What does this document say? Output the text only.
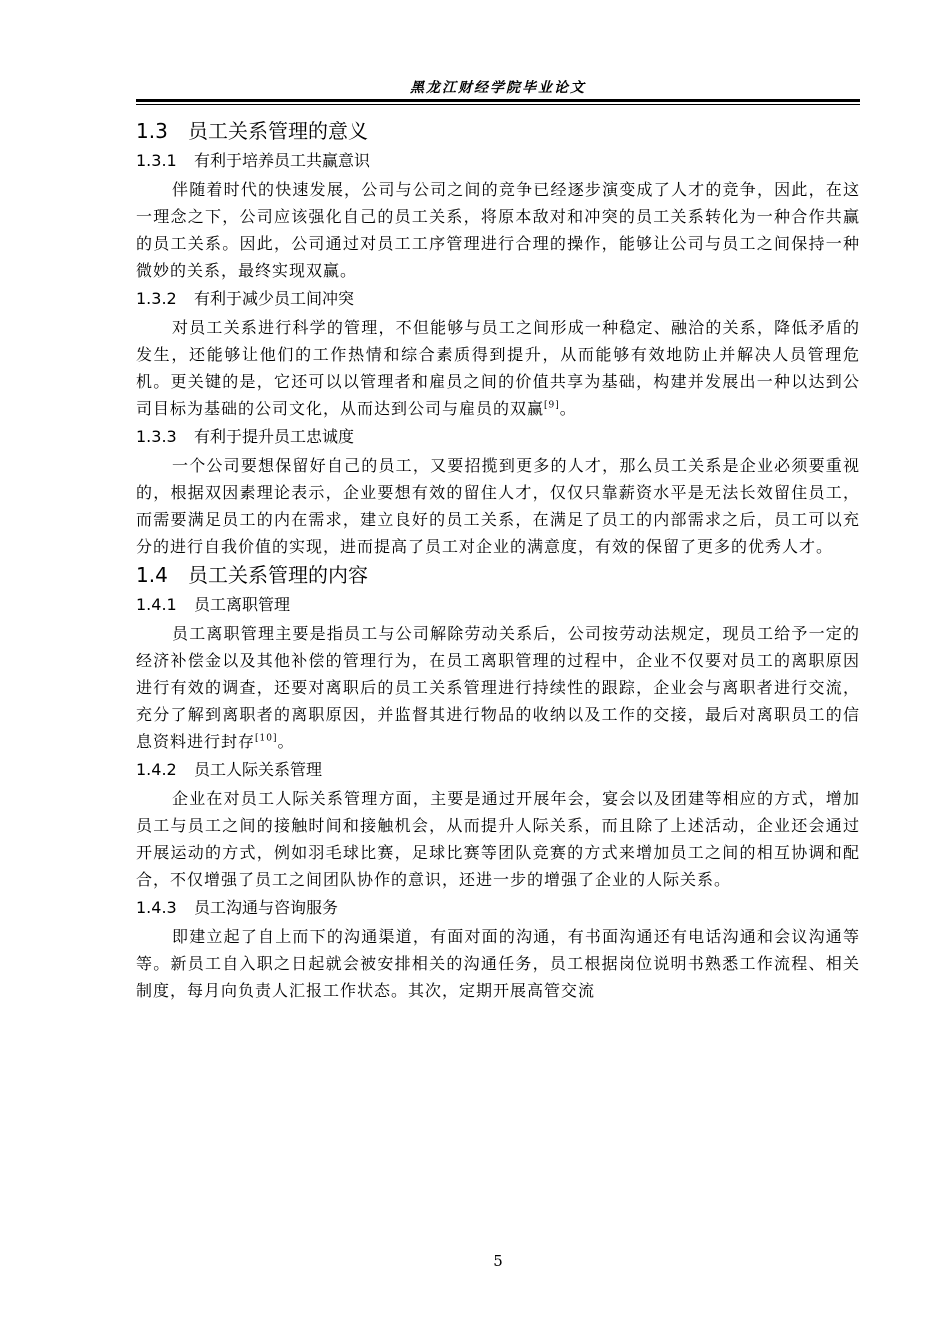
黑龙江财经学院毕业论文
1.3 员工关系管理的意义
1.3.1 有利于培养员工共赢意识

伴随着时代的快速发展，公司与公司之间的竞争已经逐步演变成了人才的竞争，因此，在这一理念之下，公司应该强化自己的员工关系，将原本敌对和冲突的员工关系转化为一种合作共赢的员工关系。因此，公司通过对员工工序管理进行合理的操作，能够让公司与员工之间保持一种微妙的关系，最终实现双赢。

1.3.2 有利于减少员工间冲突

对员工关系进行科学的管理，不但能够与员工之间形成一种稳定、融洽的关系，降低矛盾的发生，还能够让他们的工作热情和综合素质得到提升，从而能够有效地防止并解决人员管理危机。更关键的是，它还可以以管理者和雇员之间的价值共享为基础，构建并发展出一种以达到公司目标为基础的公司文化，从而达到公司与雇员的双赢[9]。

1.3.3 有利于提升员工忠诚度

一个公司要想保留好自己的员工，又要招揽到更多的人才，那么员工关系是企业必须要重视的，根据双因素理论表示，企业要想有效的留住人才，仅仅只靠薪资水平是无法长效留住员工，而需要满足员工的内在需求，建立良好的员工关系，在满足了员工的内部需求之后，员工可以充分的进行自我价值的实现，进而提高了员工对企业的满意度，有效的保留了更多的优秀人才。

1.4 员工关系管理的内容
1.4.1 员工离职管理

员工离职管理主要是指员工与公司解除劳动关系后，公司按劳动法规定，现员工给予一定的经济补偿金以及其他补偿的管理行为，在员工离职管理的过程中，企业不仅要对员工的离职原因进行有效的调查，还要对离职后的员工关系管理进行持续性的跟踪，企业会与离职者进行交流，充分了解到离职者的离职原因，并监督其进行物品的收纳以及工作的交接，最后对离职员工的信息资料进行封存[10]。

1.4.2 员工人际关系管理

企业在对员工人际关系管理方面，主要是通过开展年会，宴会以及团建等相应的方式，增加员工与员工之间的接触时间和接触机会，从而提升人际关系，而且除了上述活动，企业还会通过开展运动的方式，例如羽毛球比赛，足球比赛等团队竞赛的方式来增加员工之间的相互协调和配合，不仅增强了员工之间团队协作的意识，还进一步的增强了企业的人际关系。

1.4.3 员工沟通与咨询服务

即建立起了自上而下的沟通渠道，有面对面的沟通，有书面沟通还有电话沟通和会议沟通等等。新员工自入职之日起就会被安排相关的沟通任务，员工根据岗位说明书熟悉工作流程、相关制度，每月向负责人汇报工作状态。其次，定期开展高管交流

5
